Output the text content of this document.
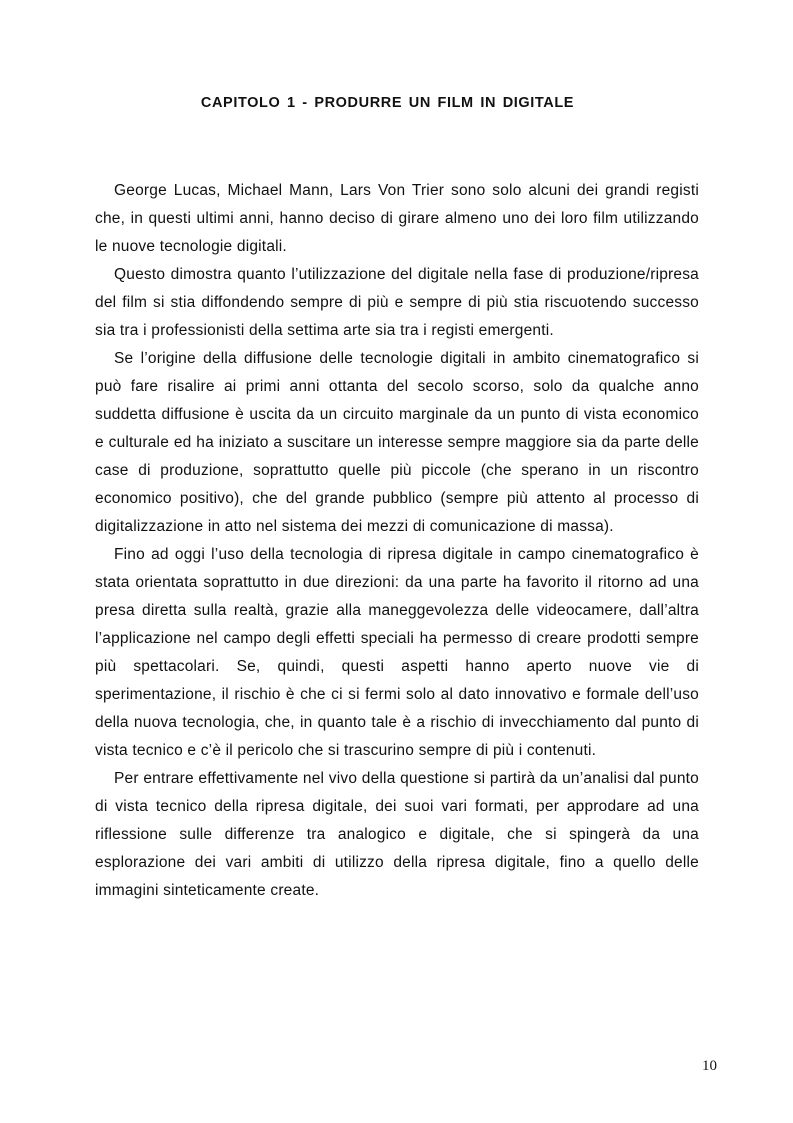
CAPITOLO 1 - PRODURRE UN FILM IN DIGITALE

George Lucas, Michael Mann, Lars Von Trier sono solo alcuni dei grandi registi che, in questi ultimi anni, hanno deciso di girare almeno uno dei loro film utilizzando le nuove tecnologie digitali.

Questo dimostra quanto l’utilizzazione del digitale nella fase di produzione/ripresa del film si stia diffondendo sempre di più e sempre di più stia riscuotendo successo sia tra i professionisti della settima arte sia tra i registi emergenti.

Se l’origine della diffusione delle tecnologie digitali in ambito cinematografico si può fare risalire ai primi anni ottanta del secolo scorso, solo da qualche anno suddetta diffusione è uscita da un circuito marginale da un punto di vista economico e culturale ed ha iniziato a suscitare un interesse sempre maggiore sia da parte delle case di produzione, soprattutto quelle più piccole (che sperano in un riscontro economico positivo), che del grande pubblico (sempre più attento al processo di digitalizzazione in atto nel sistema dei mezzi di comunicazione di massa).

Fino ad oggi l’uso della tecnologia di ripresa digitale in campo cinematografico è stata orientata soprattutto in due direzioni: da una parte ha favorito il ritorno ad una presa diretta sulla realtà, grazie alla maneggevolezza delle videocamere, dall’altra l’applicazione nel campo degli effetti speciali ha permesso di creare prodotti sempre più spettacolari. Se, quindi, questi aspetti hanno aperto nuove vie di sperimentazione, il rischio è che ci si fermi solo al dato innovativo e formale dell’uso della nuova tecnologia, che, in quanto tale è a rischio di invecchiamento dal punto di vista tecnico e c’è il pericolo che si trascurino sempre di più i contenuti.

Per entrare effettivamente nel vivo della questione si partirà da un’analisi dal punto di vista tecnico della ripresa digitale, dei suoi vari formati, per approdare ad una riflessione sulle differenze tra analogico e digitale, che si spingerà da una esplorazione dei vari ambiti di utilizzo della ripresa digitale, fino a quello delle immagini sinteticamente create.

10
